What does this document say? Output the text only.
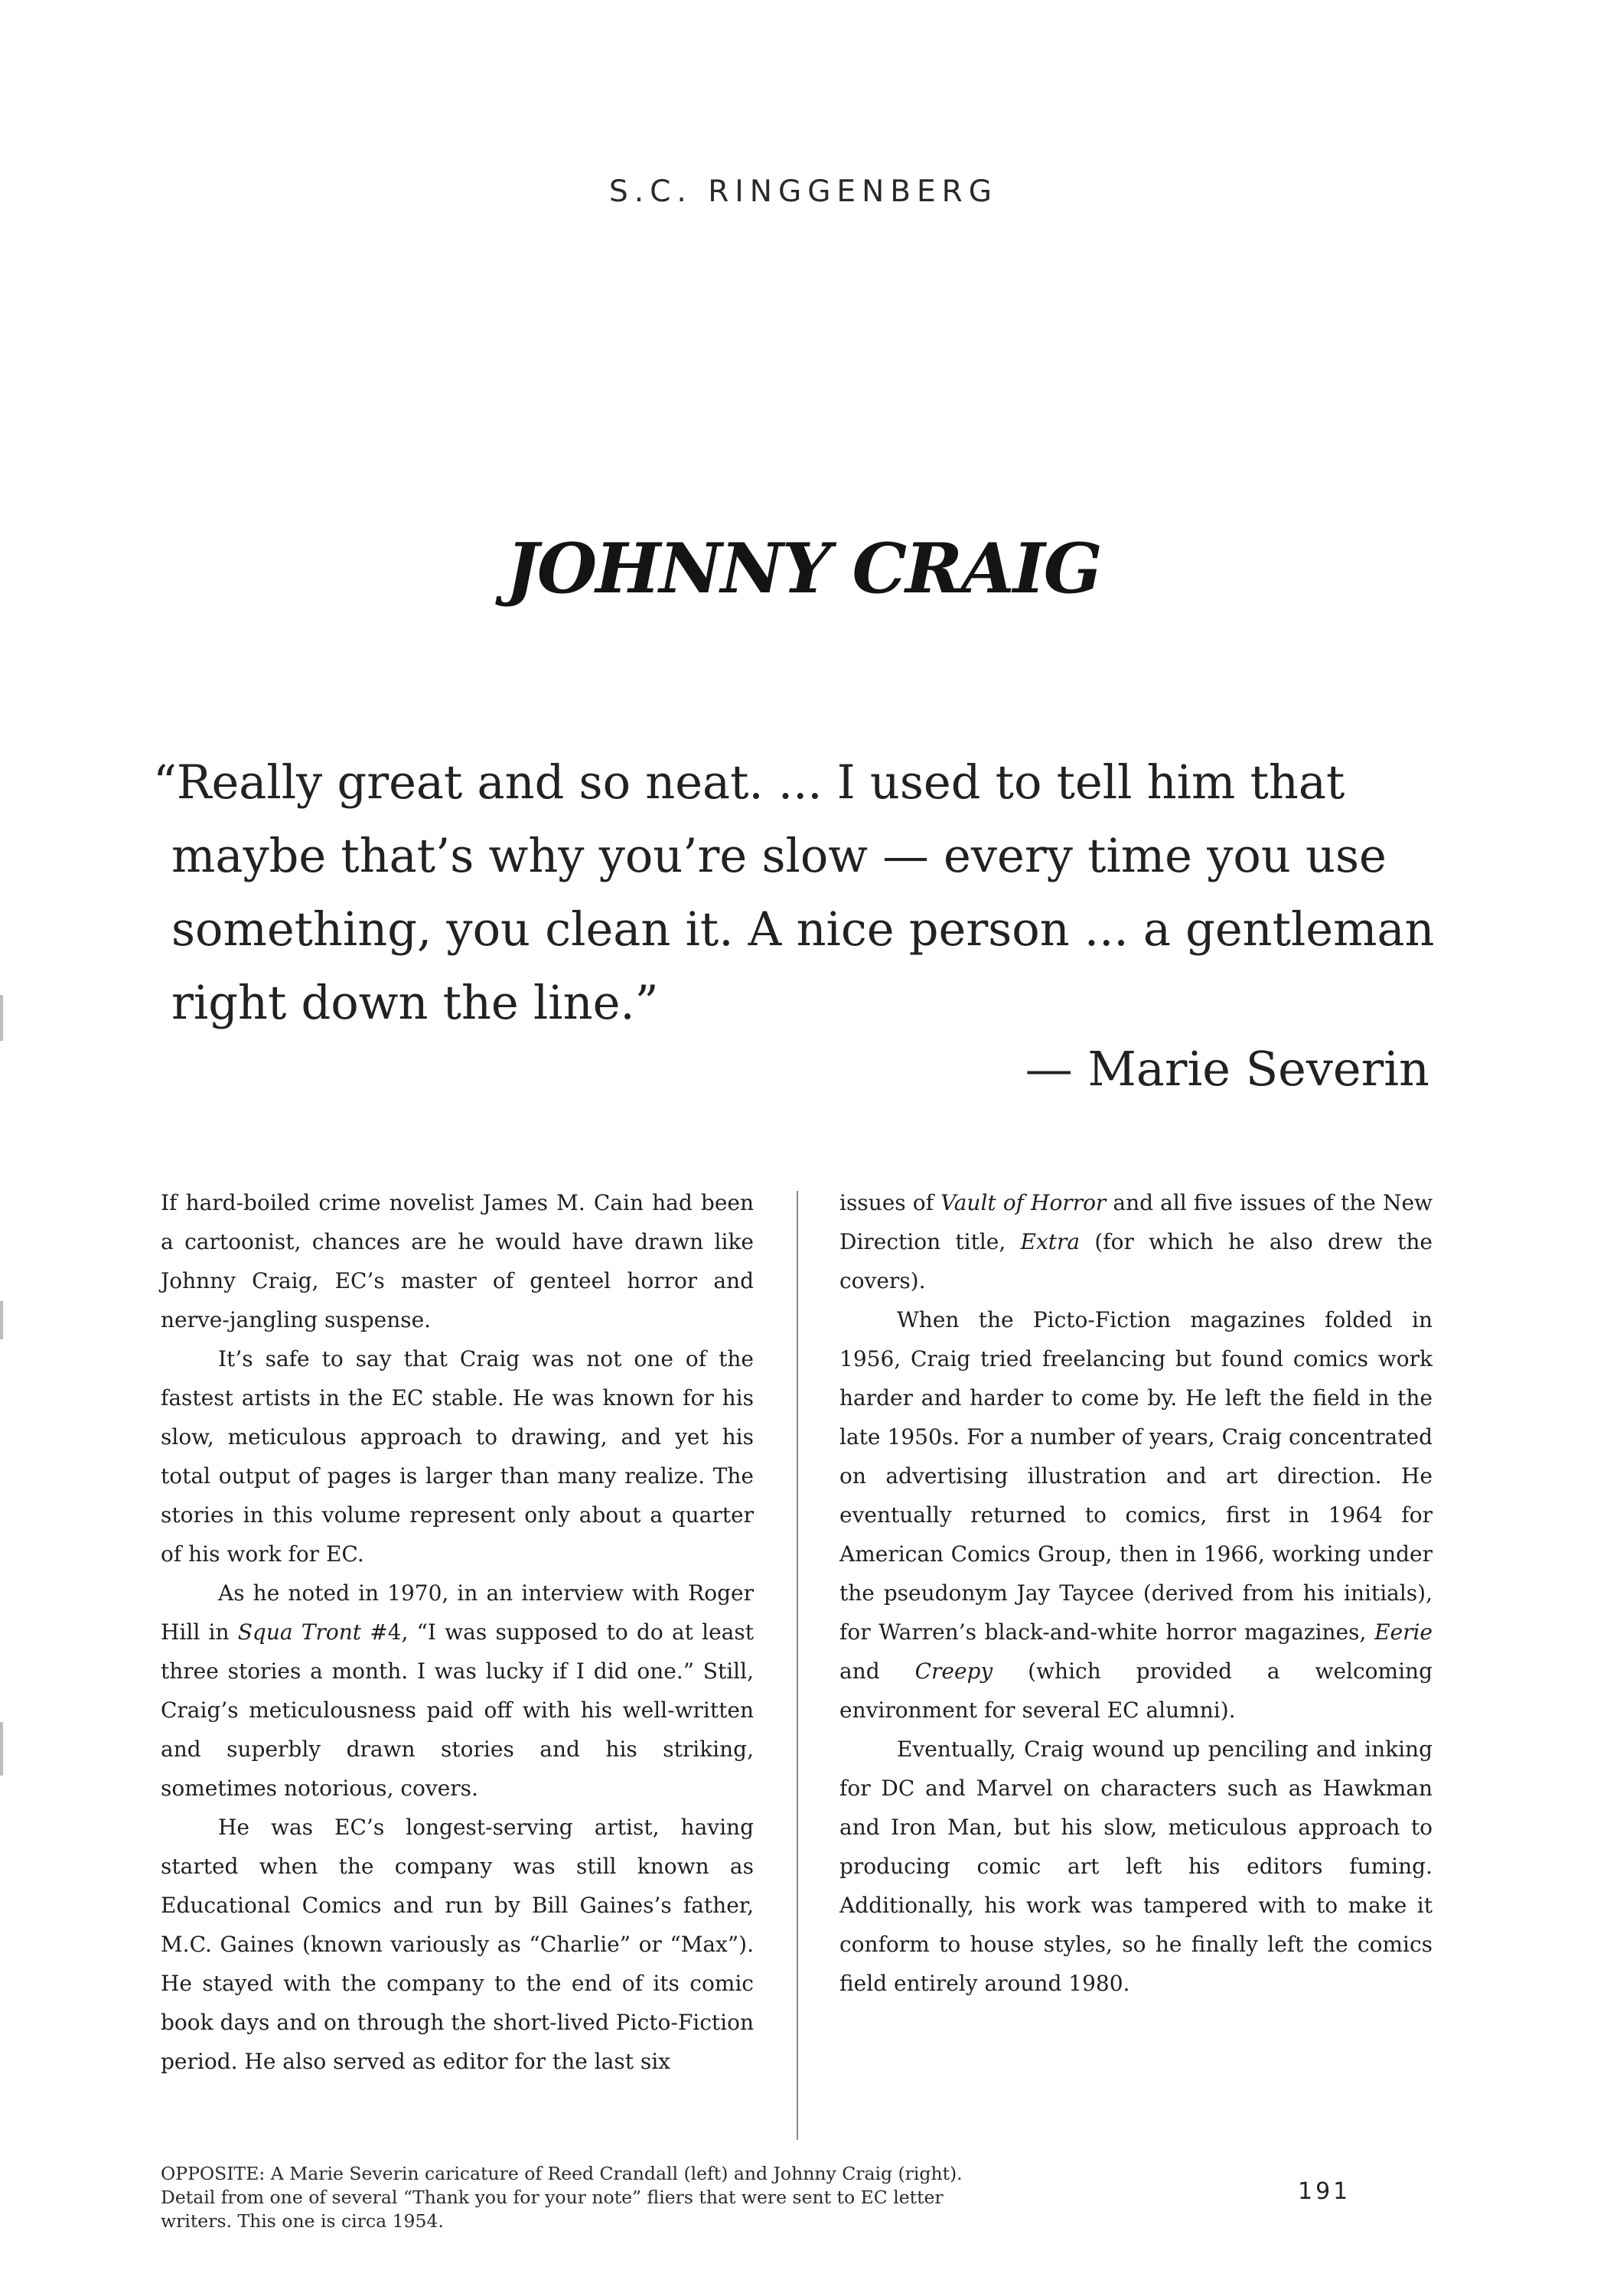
S.C. RINGGENBERG
JOHNNY CRAIG
“Really great and so neat. ... I used to tell him that
maybe that’s why you’re slow — every time you use
something, you clean it. A nice person ... a gentleman
right down the line.”
— Marie Severin

If hard-boiled crime novelist James M. Cain had been a cartoonist, chances are he would have drawn like Johnny Craig, EC’s master of genteel horror and nerve-jangling suspense.

It’s safe to say that Craig was not one of the fastest artists in the EC stable. He was known for his slow, meticulous approach to drawing, and yet his total output of pages is larger than many realize. The stories in this volume represent only about a quarter of his work for EC.

As he noted in 1970, in an interview with Roger Hill in Squa Tront #4, “I was supposed to do at least three stories a month. I was lucky if I did one.” Still, Craig’s meticulousness paid off with his well-written and superbly drawn stories and his striking, sometimes notorious, covers.

He was EC’s longest-serving artist, having started when the company was still known as Educational Comics and run by Bill Gaines’s father, M.C. Gaines (known variously as “Charlie” or “Max”). He stayed with the company to the end of its comic book days and on through the short-lived Picto-Fiction period. He also served as editor for the last six

issues of Vault of Horror and all five issues of the New Direction title, Extra (for which he also drew the covers).

When the Picto-Fiction magazines folded in 1956, Craig tried freelancing but found comics work harder and harder to come by. He left the field in the late 1950s. For a number of years, Craig concentrated on advertising illustration and art direction. He eventually returned to comics, first in 1964 for American Comics Group, then in 1966, working under the pseudonym Jay Taycee (derived from his initials), for Warren’s black-and-white horror magazines, Eerie and Creepy (which provided a welcoming environment for several EC alumni).

Eventually, Craig wound up penciling and inking for DC and Marvel on characters such as Hawkman and Iron Man, but his slow, meticulous approach to producing comic art left his editors fuming. Additionally, his work was tampered with to make it conform to house styles, so he finally left the comics field entirely around 1980.

OPPOSITE: A Marie Severin caricature of Reed Crandall (left) and Johnny Craig (right).

Detail from one of several “Thank you for your note” fliers that were sent to EC letter

writers. This one is circa 1954.

191
